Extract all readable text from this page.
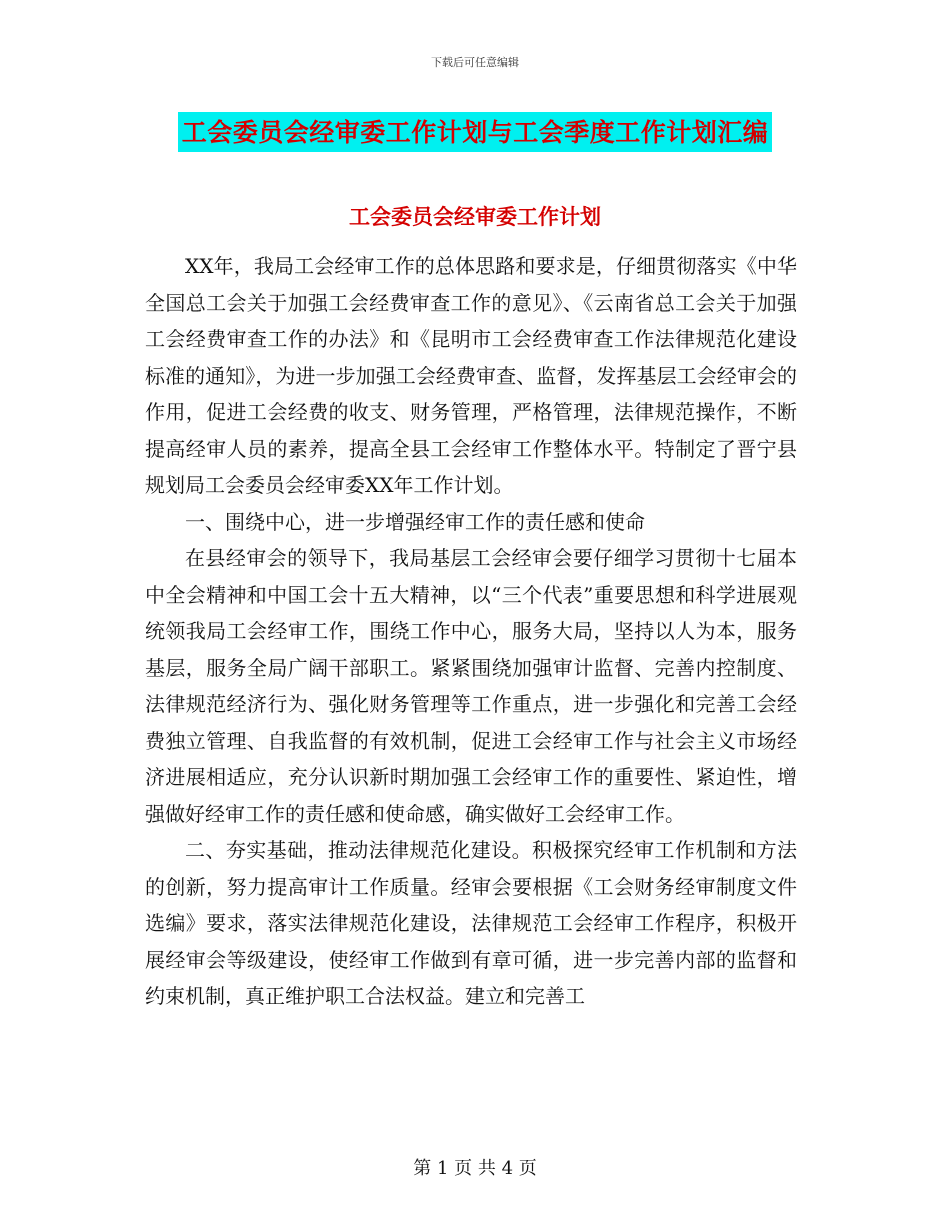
下载后可任意编辑
工会委员会经审委工作计划与工会季度工作计划汇编
工会委员会经审委工作计划

XX年，我局工会经审工作的总体思路和要求是，仔细贯彻落实《中华全国总工会关于加强工会经费审查工作的意见》、《云南省总工会关于加强工会经费审查工作的办法》和《昆明市工会经费审查工作法律规范化建设标准的通知》，为进一步加强工会经费审查、监督，发挥基层工会经审会的作用，促进工会经费的收支、财务管理，严格管理，法律规范操作，不断提高经审人员的素养，提高全县工会经审工作整体水平。特制定了晋宁县规划局工会委员会经审委XX年工作计划。

一、围绕中心，进一步增强经审工作的责任感和使命

在县经审会的领导下，我局基层工会经审会要仔细学习贯彻十七届本中全会精神和中国工会十五大精神，以“三个代表”重要思想和科学进展观统领我局工会经审工作，围绕工作中心，服务大局，坚持以人为本，服务基层，服务全局广阔干部职工。紧紧围绕加强审计监督、完善内控制度、法律规范经济行为、强化财务管理等工作重点，进一步强化和完善工会经费独立管理、自我监督的有效机制，促进工会经审工作与社会主义市场经济进展相适应，充分认识新时期加强工会经审工作的重要性、紧迫性，增强做好经审工作的责任感和使命感，确实做好工会经审工作。

二、夯实基础，推动法律规范化建设。积极探究经审工作机制和方法的创新，努力提高审计工作质量。经审会要根据《工会财务经审制度文件选编》要求，落实法律规范化建设，法律规范工会经审工作程序，积极开展经审会等级建设，使经审工作做到有章可循，进一步完善内部的监督和约束机制，真正维护职工合法权益。建立和完善工

第 1 页 共 4 页
